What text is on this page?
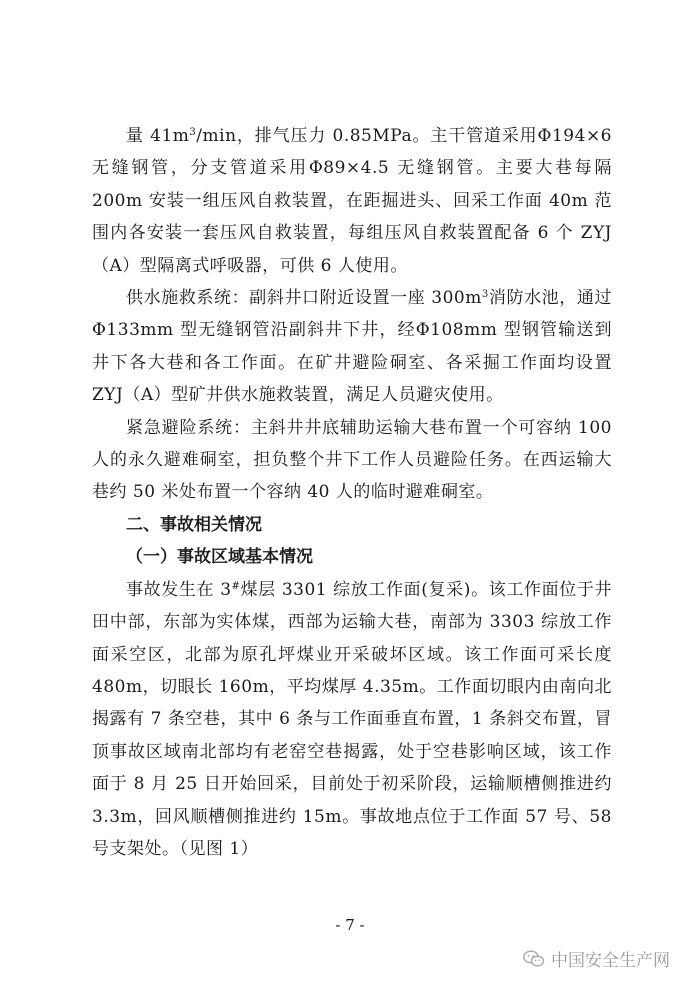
量 $41m^3/\min$，排气压力 0.85MPa。主干管道采用Φ194×6 无缝钢管，分支管道采用Φ89×4.5 无缝钢管。主要大巷每隔 200m 安装一组压风自救装置，在距掘进头、回采工作面 40m 范围内各安装一套压风自救装置，每组压风自救装置配备 6 个 ZYJ（A）型隔离式呼吸器，可供 6 人使用。

供水施救系统：副斜井口附近设置一座 $300m^3$消防水池，通过Φ133mm 型无缝钢管沿副斜井下井，经Φ108mm 型钢管输送到井下各大巷和各工作面。在矿井避险硐室、各采掘工作面均设置 ZYJ（A）型矿井供水施救装置，满足人员避灾使用。

紧急避险系统：主斜井井底辅助运输大巷布置一个可容纳 100 人的永久避难硐室，担负整个井下工作人员避险任务。在西运输大巷约 50 米处布置一个容纳 40 人的临时避难硐室。

二、事故相关情况

（一）事故区域基本情况

事故发生在 3#煤层 3301 综放工作面(复采)。该工作面位于井田中部，东部为实体煤，西部为运输大巷，南部为 3303 综放工作面采空区，北部为原孔坪煤业开采破坏区域。该工作面可采长度 480m，切眼长 160m，平均煤厚 4.35m。工作面切眼内由南向北揭露有 7 条空巷，其中 6 条与工作面垂直布置，1 条斜交布置，冒顶事故区域南北部均有老窑空巷揭露，处于空巷影响区域，该工作面于 8 月 25 日开始回采，目前处于初采阶段，运输顺槽侧推进约 3.3m，回风顺槽侧推进约 15m。事故地点位于工作面 57 号、58 号支架处。（见图 1）

- 7 -
中国安全生产网
